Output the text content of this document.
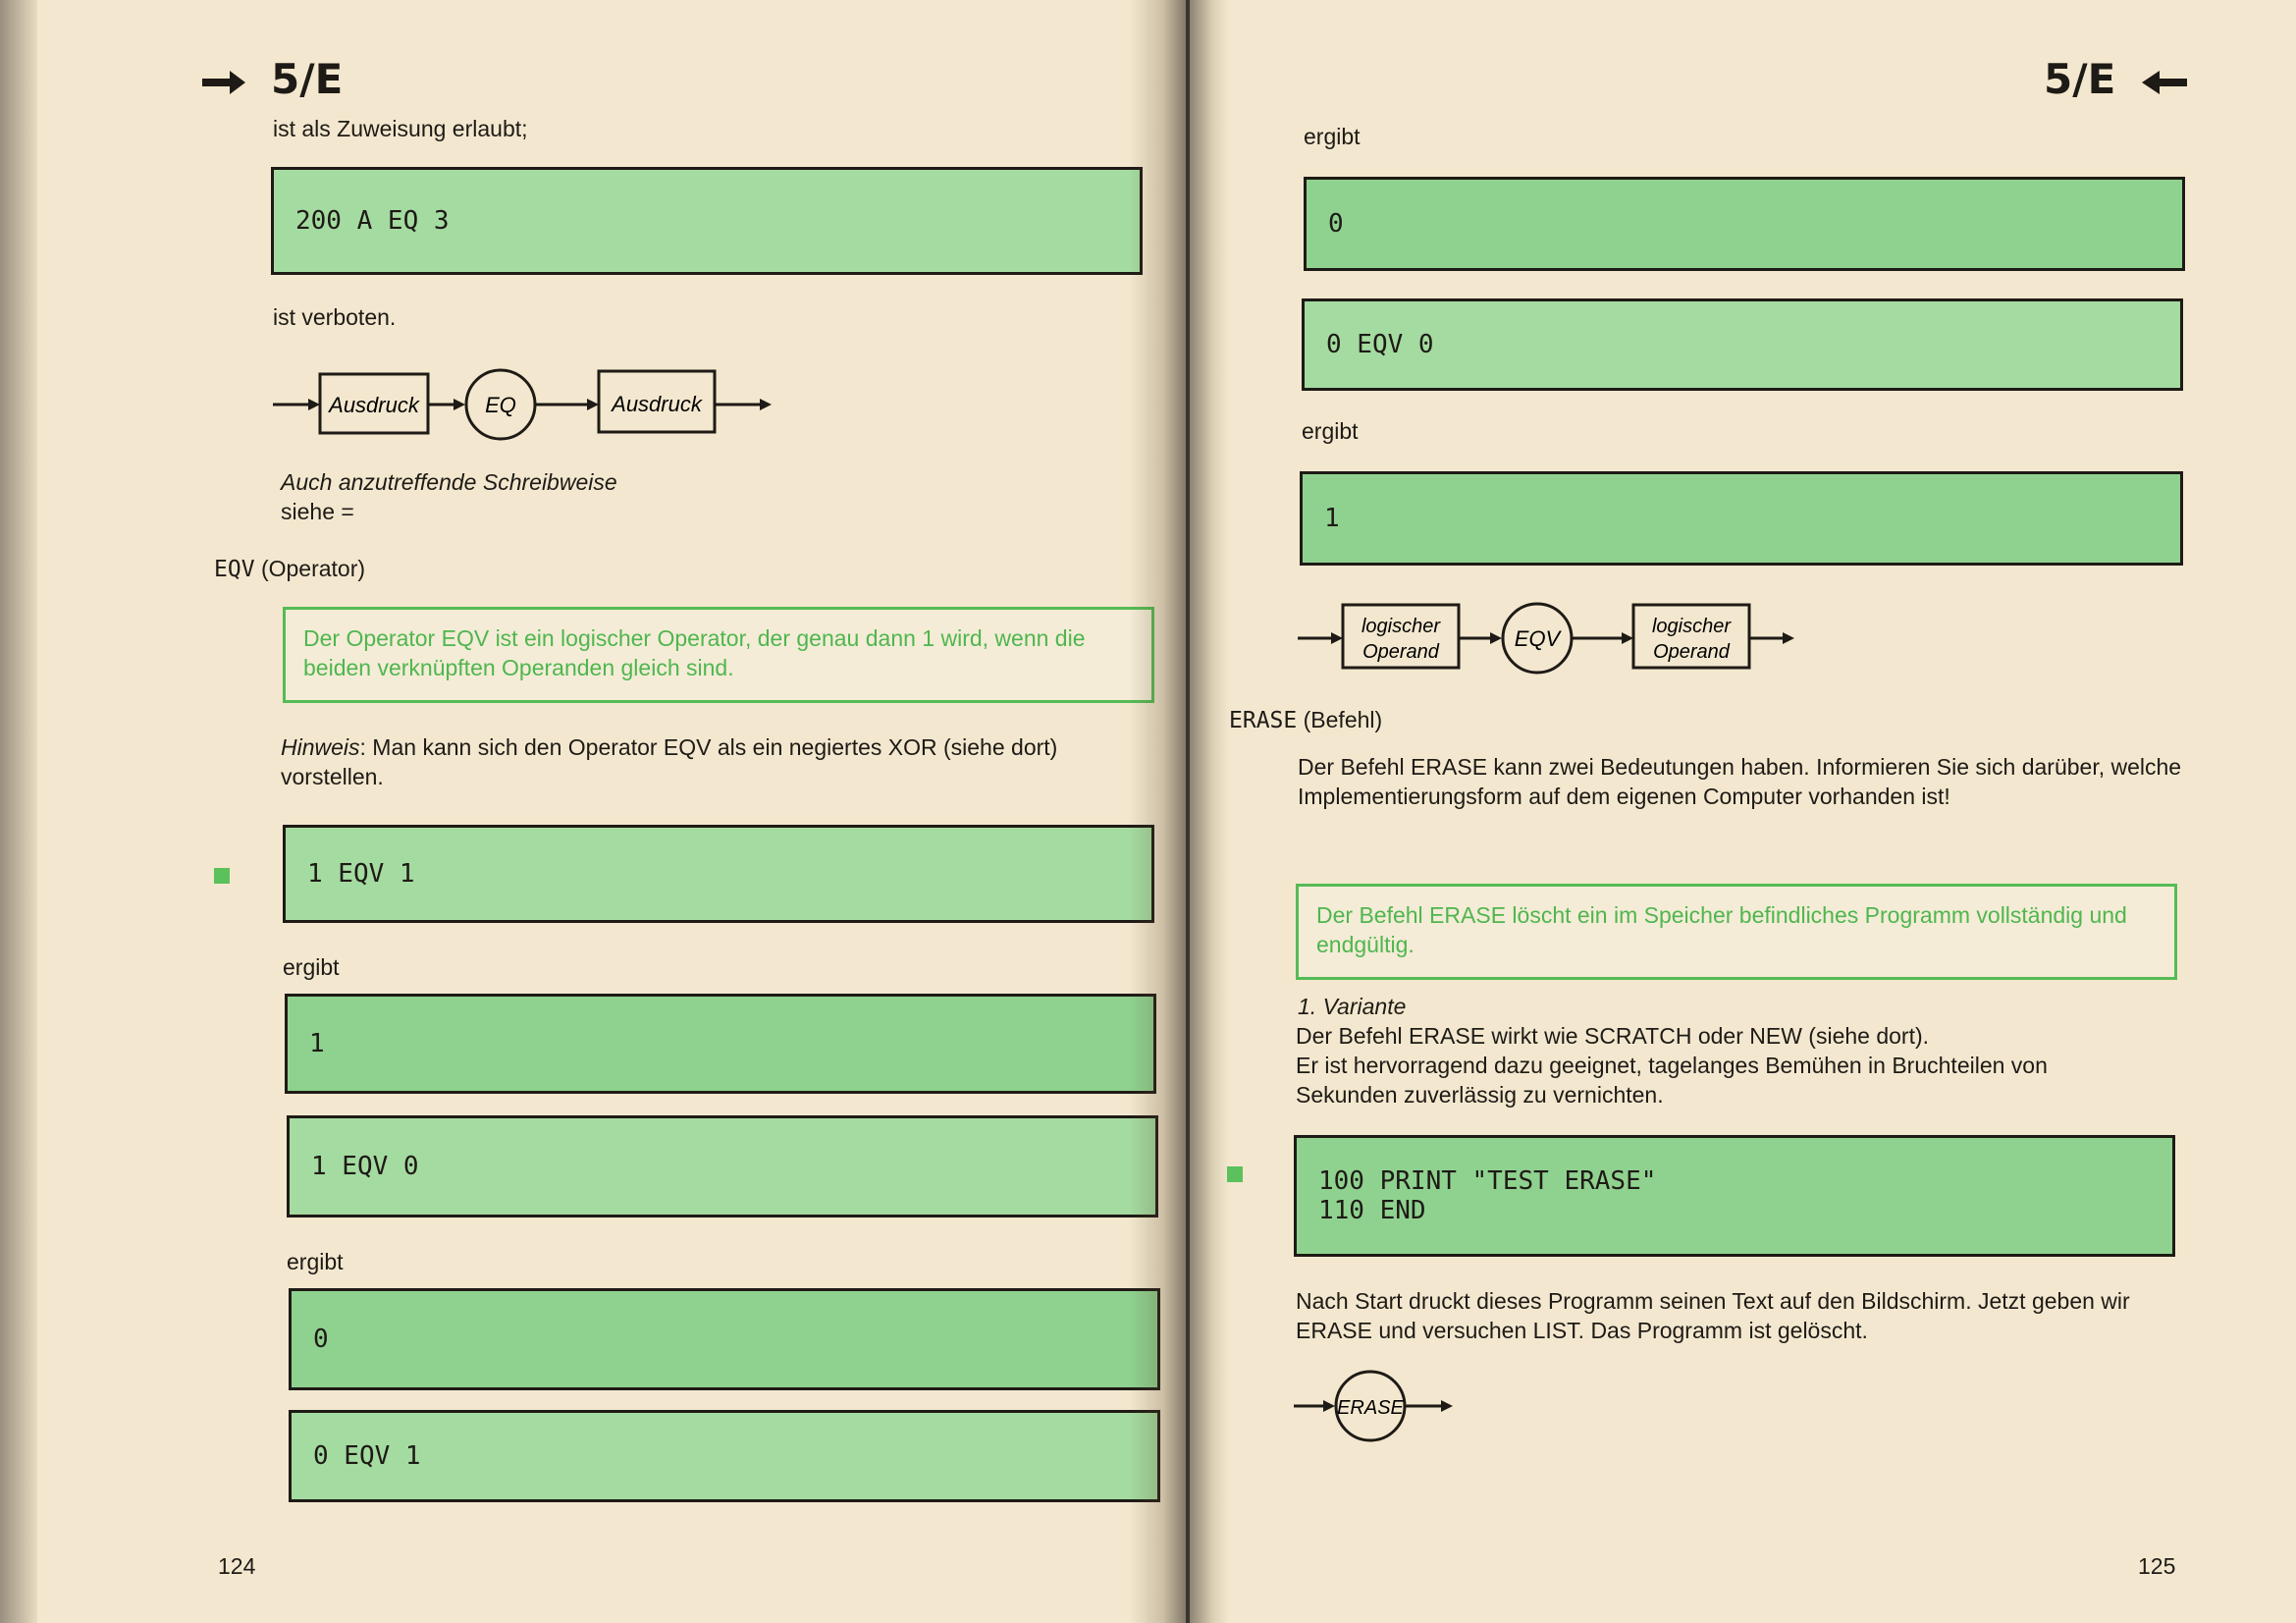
5/E
ist als Zuweisung erlaubt;
200 A EQ 3
ist verboten.
Ausdruck	EQ	Ausdruck
Auch anzutreffende Schreibweise
siehe =
EQV (Operator)
Der Operator EQV ist ein logischer Operator, der genau dann 1 wird, wenn die beiden verknüpften Operanden gleich sind.
Hinweis: Man kann sich den Operator EQV als ein negiertes XOR (siehe dort) vorstellen.
1 EQV 1
ergibt
1
1 EQV 0
ergibt
0
0 EQV 1
124
5/E
ergibt
0
0 EQV 0
ergibt
1
logischer
Operand
EQV	logischer
Operand
ERASE (Befehl)
Der Befehl ERASE kann zwei Bedeutungen haben. Informieren Sie sich darüber, welche Implementierungsform auf dem eigenen Computer vorhanden ist!
Der Befehl ERASE löscht ein im Speicher befindliches Programm vollständig und endgültig.
1. Variante
Der Befehl ERASE wirkt wie SCRATCH oder NEW (siehe dort).
Er ist hervorragend dazu geeignet, tagelanges Bemühen in Bruchteilen von
Sekunden zuverlässig zu vernichten.
100 PRINT "TEST ERASE"
110 END
Nach Start druckt dieses Programm seinen Text auf den Bildschirm. Jetzt geben wir ERASE und versuchen LIST. Das Programm ist gelöscht.
ERASE
125
